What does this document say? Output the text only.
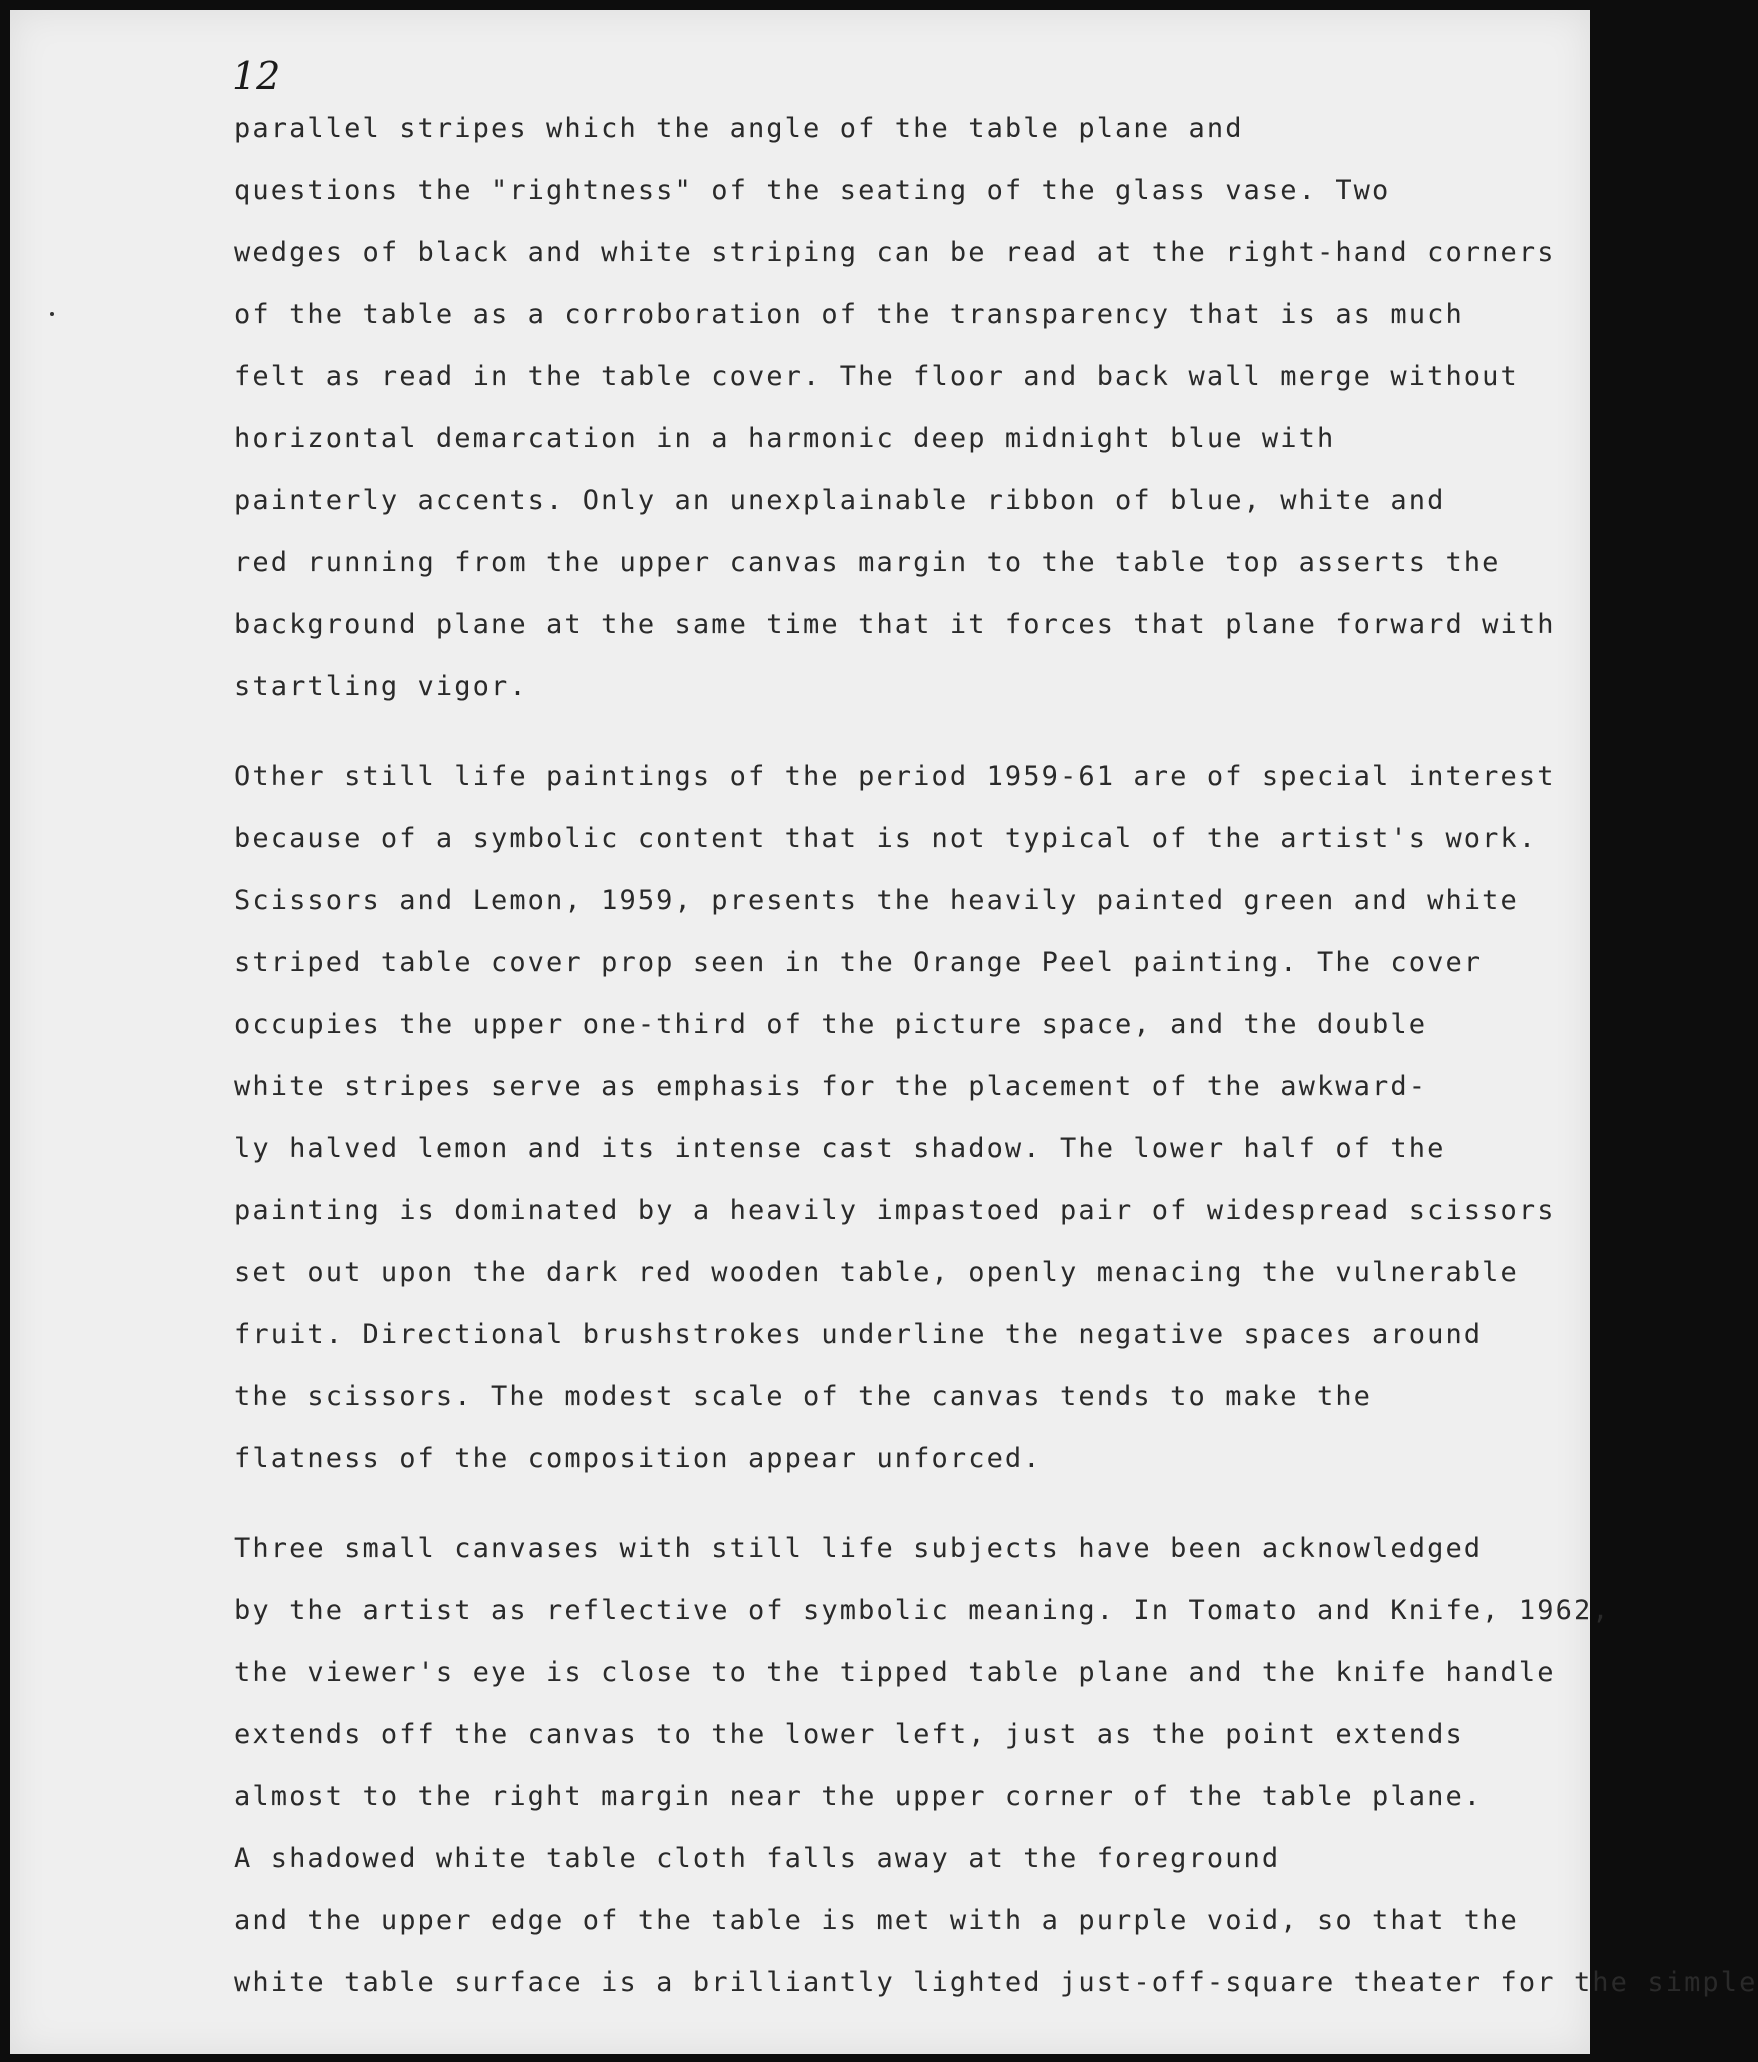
12
parallel stripes which the angle of the table plane and
questions the "rightness" of the seating of the glass vase. Two
wedges of black and white striping can be read at the right-hand corners
of the table as a corroboration of the transparency that is as much
felt as read in the table cover. The floor and back wall merge without
horizontal demarcation in a harmonic deep midnight blue with
painterly accents. Only an unexplainable ribbon of blue, white and
red running from the upper canvas margin to the table top asserts the
background plane at the same time that it forces that plane forward with
startling vigor.
Other still life paintings of the period 1959-61 are of special interest
because of a symbolic content that is not typical of the artist's work.
Scissors and Lemon, 1959, presents the heavily painted green and white
striped table cover prop seen in the Orange Peel painting. The cover
occupies the upper one-third of the picture space, and the double
white stripes serve as emphasis for the placement of the awkward-
ly halved lemon and its intense cast shadow. The lower half of the
painting is dominated by a heavily impastoed pair of widespread scissors
set out upon the dark red wooden table, openly menacing the vulnerable
fruit. Directional brushstrokes underline the negative spaces around
the scissors. The modest scale of the canvas tends to make the
flatness of the composition appear unforced.
Three small canvases with still life subjects have been acknowledged
by the artist as reflective of symbolic meaning. In Tomato and Knife, 1962,
the viewer's eye is close to the tipped table plane and the knife handle
extends off the canvas to the lower left, just as the point extends
almost to the right margin near the upper corner of the table plane.
A shadowed white table cloth falls away at the foreground
and the upper edge of the table is met with a purple void, so that the
white table surface is a brilliantly lighted just-off-square theater for the simple
